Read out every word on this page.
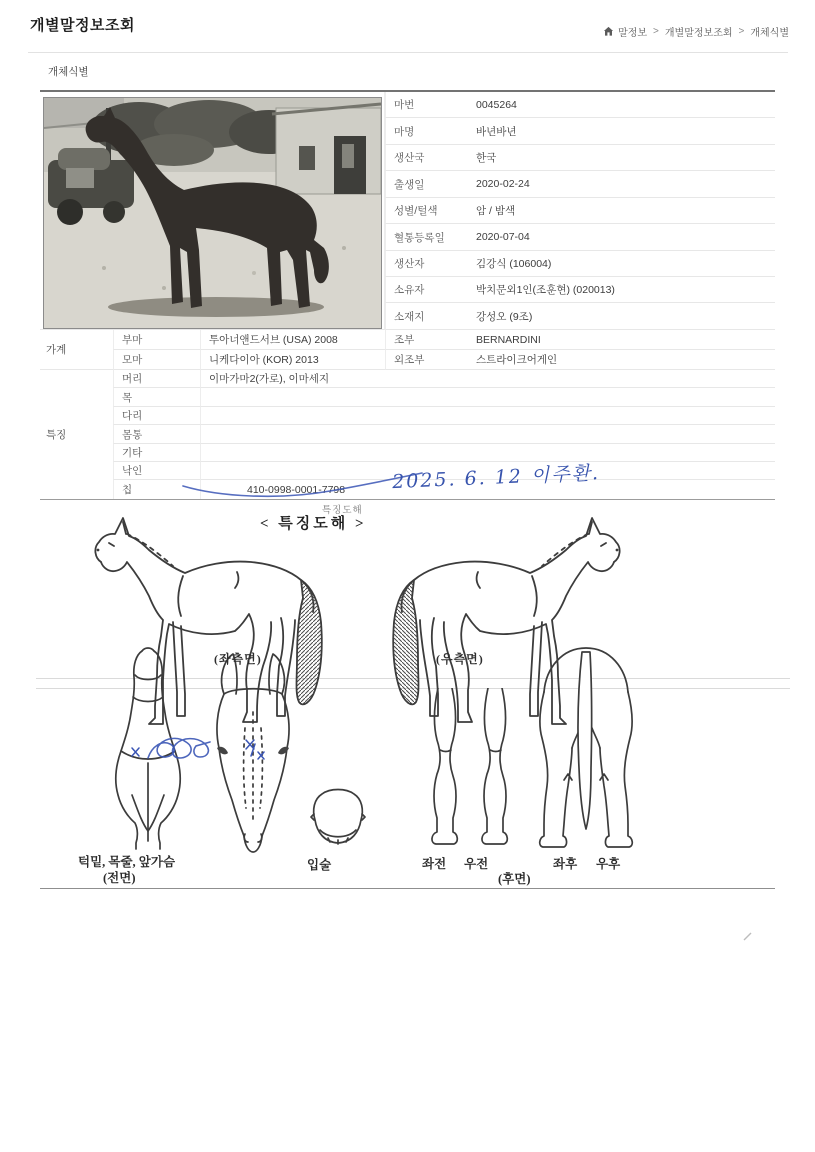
개별말정보조회	말정보 > 개별말정보조회 > 개체식별
개체식별
마번	0045264
마명	바년바년
생산국	한국
출생일	2020-02-24
성별/털색	암 / 밤색
혈통등록일	2020-07-04
생산자	김강식 (106004)
소유자	박치문외1인(조훈현) (020013)
소재지	강성오 (9조)
가계
부마	투아너앤드서브 (USA) 2008	조부	BERNARDINI
모마	니케다이아 (KOR) 2013	외조부	스트라이크어게인
특징
머리	이마가마2(가로), 이마세지
목
다리
몸통
기타
낙인
칩	410-0998-0001-7798	2025. 6. 12 이주환.
특징도해
< 특징도해 >
(좌측면)	(우측면)
턱밑, 목줄, 앞가슴
(전면)
입술	좌전 우전
(후면)
좌후 우후
